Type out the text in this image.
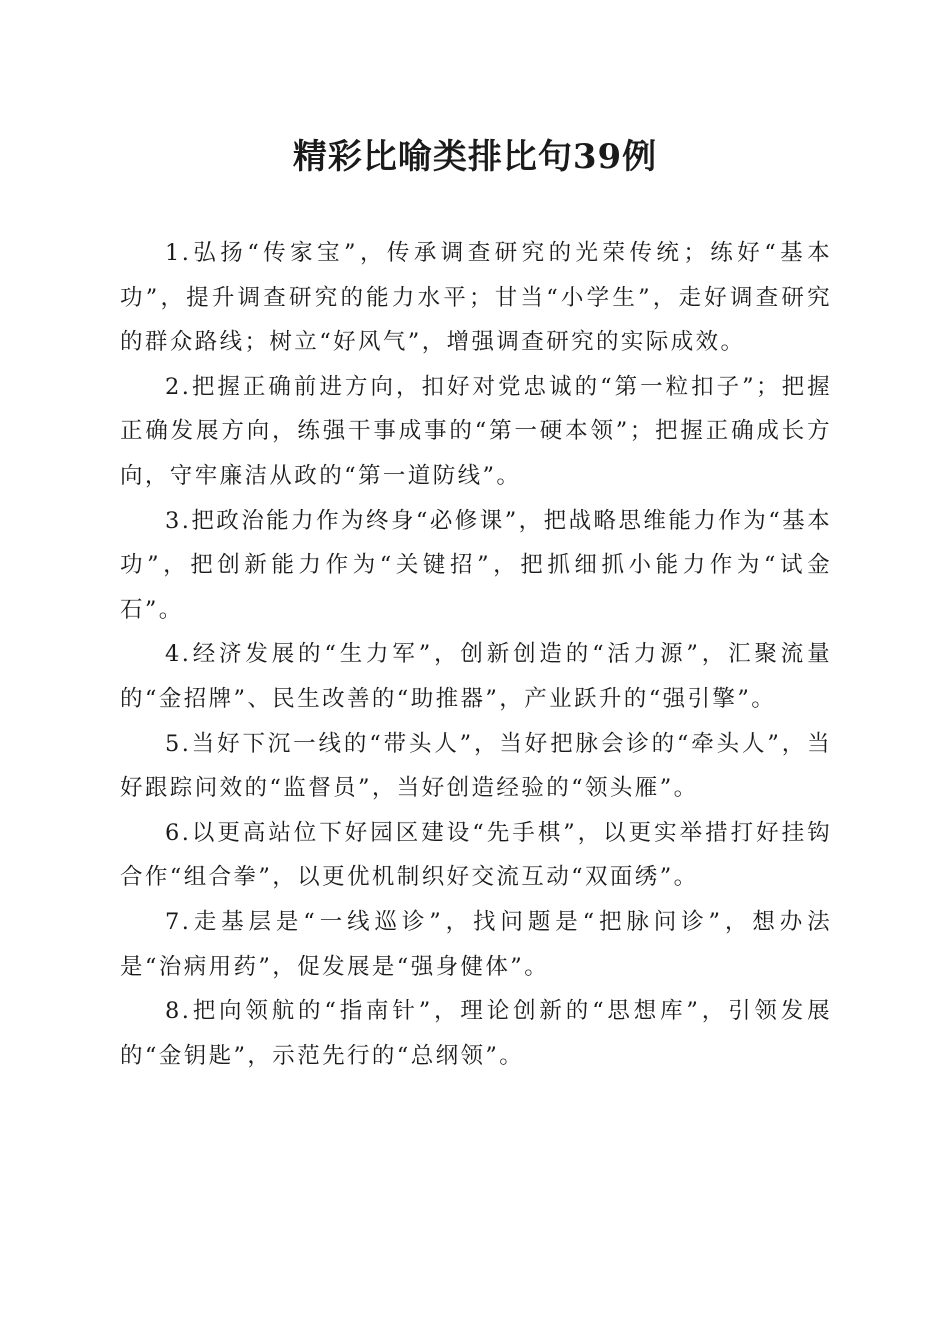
精彩比喻类排比句39例

1.弘扬“传家宝”，传承调查研究的光荣传统；练好“基本功”，提升调查研究的能力水平；甘当“小学生”，走好调查研究的群众路线；树立“好风气”，增强调查研究的实际成效。

2.把握正确前进方向，扣好对党忠诚的“第一粒扣子”；把握正确发展方向，练强干事成事的“第一硬本领”；把握正确成长方向，守牢廉洁从政的“第一道防线”。

3.把政治能力作为终身“必修课”，把战略思维能力作为“基本功”，把创新能力作为“关键招”，把抓细抓小能力作为“试金石”。

4.经济发展的“生力军”，创新创造的“活力源”，汇聚流量的“金招牌”、民生改善的“助推器”，产业跃升的“强引擎”。

5.当好下沉一线的“带头人”，当好把脉会诊的“牵头人”，当好跟踪问效的“监督员”，当好创造经验的“领头雁”。

6.以更高站位下好园区建设“先手棋”，以更实举措打好挂钩合作“组合拳”，以更优机制织好交流互动“双面绣”。

7.走基层是“一线巡诊”，找问题是“把脉问诊”，想办法是“治病用药”，促发展是“强身健体”。

8.把向领航的“指南针”，理论创新的“思想库”，引领发展的“金钥匙”，示范先行的“总纲领”。
